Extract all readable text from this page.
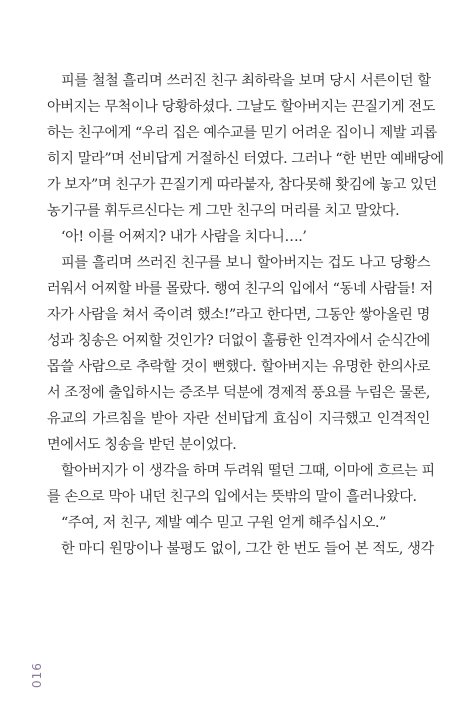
피를 철철 흘리며 쓰러진 친구 최하락을 보며 당시 서른이던 할
아버지는 무척이나 당황하셨다. 그날도 할아버지는 끈질기게 전도
하는 친구에게 “우리 집은 예수교를 믿기 어려운 집이니 제발 괴롭
히지 말라”며 선비답게 거절하신 터였다. 그러나 “한 번만 예배당에
가 보자”며 친구가 끈질기게 따라붙자, 참다못해 홧김에 놓고 있던
농기구를 휘두르신다는 게 그만 친구의 머리를 치고 말았다.
‘아! 이를 어쩌지? 내가 사람을 치다니….’
피를 흘리며 쓰러진 친구를 보니 할아버지는 겁도 나고 당황스
러워서 어찌할 바를 몰랐다. 행여 친구의 입에서 “동네 사람들! 저
자가 사람을 쳐서 죽이려 했소!”라고 한다면, 그동안 쌓아올린 명
성과 칭송은 어찌할 것인가? 더없이 훌륭한 인격자에서 순식간에
몹쓸 사람으로 추락할 것이 뻔했다. 할아버지는 유명한 한의사로
서 조정에 출입하시는 증조부 덕분에 경제적 풍요를 누림은 물론,
유교의 가르침을 받아 자란 선비답게 효심이 지극했고 인격적인
면에서도 칭송을 받던 분이었다.
할아버지가 이 생각을 하며 두려워 떨던 그때, 이마에 흐르는 피
를 손으로 막아 내던 친구의 입에서는 뜻밖의 말이 흘러나왔다.
“주여, 저 친구, 제발 예수 믿고 구원 얻게 해주십시오.”
한 마디 원망이나 불평도 없이, 그간 한 번도 들어 본 적도, 생각
016
